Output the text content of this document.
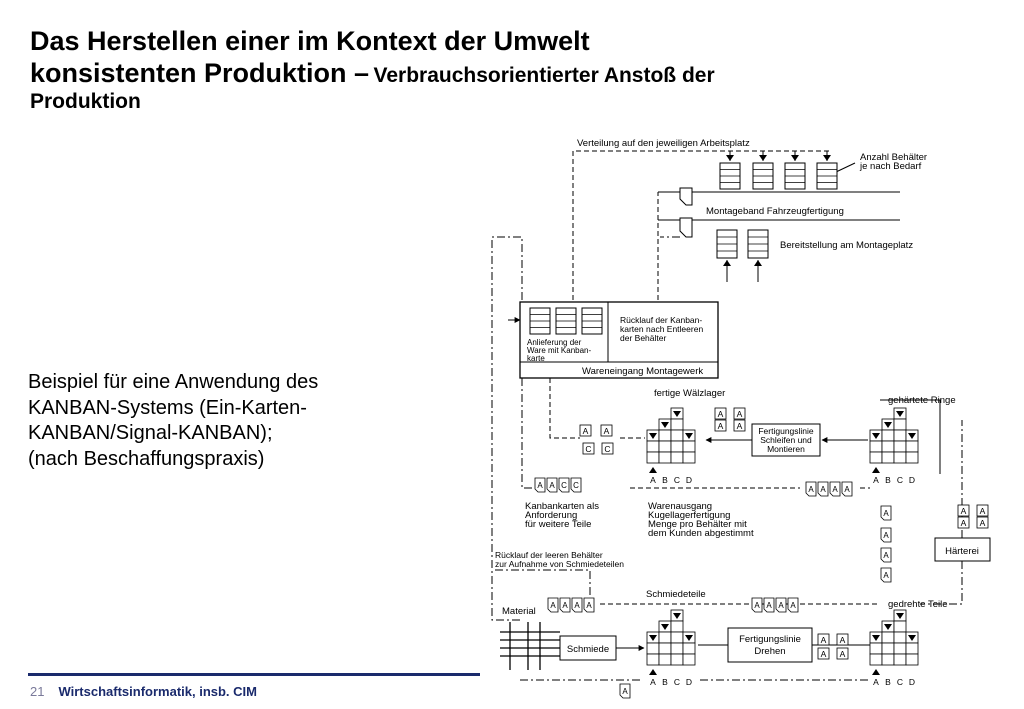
Das Herstellen einer im Kontext der Umwelt
konsistenten Produktion – Verbrauchsorientierter Anstoß der
Produktion
Beispiel für eine Anwendung des
KANBAN-Systems (Ein-Karten-
KANBAN/Signal-KANBAN);
(nach Beschaffungspraxis)
21 Wirtschaftsinformatik, insb. CIM
A A
C C
A A
A A
A B C D	A B C D
A B C D	A B C D
A A C C	A A A A
A
A
A
A
A A
A A
A A A A	A A A A
A A
A A
A
Verteilung auf den jeweiligen Arbeitsplatz
Anzahl Behälter
je nach Bedarf
Montageband Fahrzeugfertigung
Bereitstellung am Montageplatz
Rücklauf der Kanban-
karten nach Entleeren
der Behälter
Anlieferung der
Ware mit Kanban-
karte
Wareneingang Montagewerk
fertige Wälzlager
gehärtete Ringe
Fertigungslinie
Schleifen und
Montieren
Kanbankarten als
Anforderung
für weitere Teile
Warenausgang
Kugellagerfertigung
Menge pro Behälter mit
dem Kunden abgestimmt
Härterei
Rücklauf der leeren Behälter
zur Aufnahme von Schmiedeteilen
Schmiedeteile
gedrehte Teile
Material
Schmiede
Fertigungslinie
Drehen
